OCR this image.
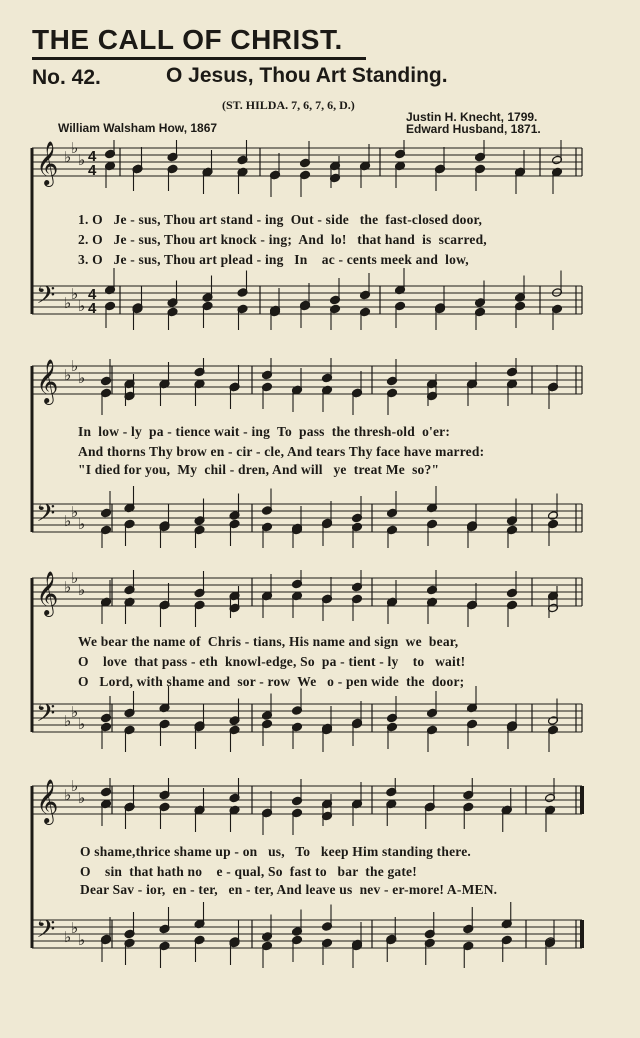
THE CALL OF CHRIST.
No. 42.	O Jesus, Thou Art Standing.
(ST. HILDA. 7, 6, 7, 6, D.)
William Walsham How, 1867
Justin H. Knecht, 1799.
Edward Husband, 1871.
𝄞
𝄢
♭ ♭
♭
♭ ♭
♭
4
4
4
4
1. O   Je - sus, Thou art stand - ing  Out - side   the  fast-closed door,
2. O   Je - sus, Thou art knock - ing;  And  lo!   that hand  is  scarred,
3. O   Je - sus, Thou art plead - ing   In    ac - cents meek and  low,
𝄞
𝄢
♭ ♭
♭
♭ ♭
♭
In  low - ly  pa - tience wait - ing  To  pass  the thresh-old  o'er:
And thorns Thy brow en - cir - cle, And tears Thy face have marred:
"I died for you,  My  chil - dren, And will   ye  treat Me  so?"
𝄞
𝄢
♭ ♭
♭
♭ ♭
♭
We bear the name of  Chris - tians, His name and sign  we  bear,
O    love  that pass - eth  knowl-edge, So  pa - tient - ly    to   wait!
O   Lord, with shame and  sor - row  We   o - pen wide  the  door;
𝄞
𝄢
♭ ♭
♭
♭ ♭
♭
O shame,thrice shame up - on   us,   To   keep Him standing there.
O    sin  that hath no    e - qual, So  fast to   bar  the gate!
Dear Sav - ior,  en - ter,   en - ter, And leave us  nev - er-more! A-MEN.
